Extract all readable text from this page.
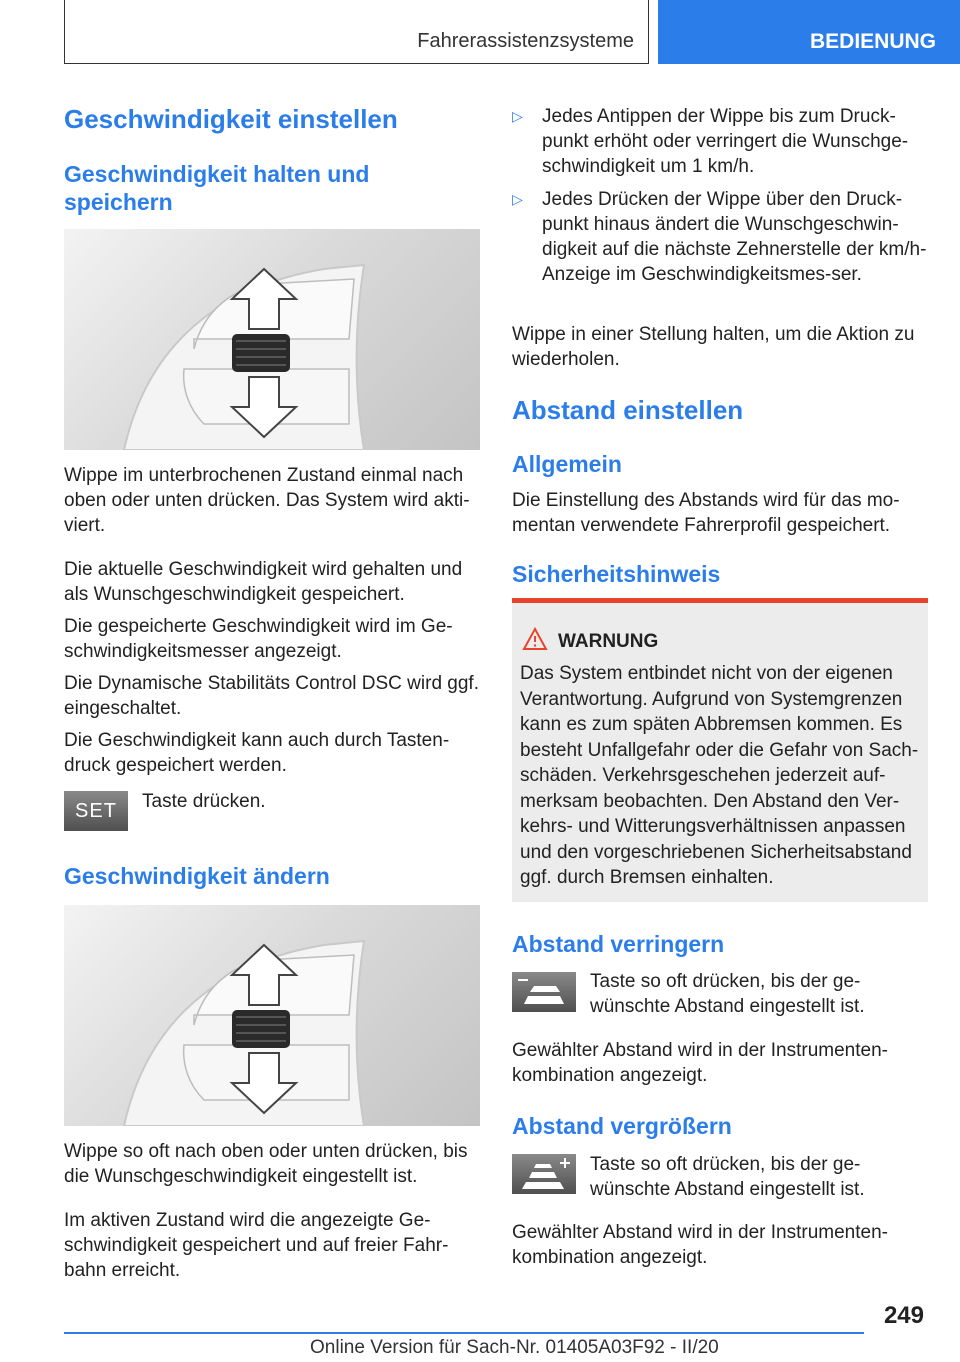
Fahrerassistenzsysteme	BEDIENUNG
Geschwindigkeit einstellen
Geschwindigkeit halten und speichern
Wippe im unterbrochenen Zustand einmal nach oben oder unten drücken. Das System wird akti-viert.
Die aktuelle Geschwindigkeit wird gehalten und als Wunschgeschwindigkeit gespeichert.
Die gespeicherte Geschwindigkeit wird im Ge-schwindigkeitsmesser angezeigt.
Die Dynamische Stabilitäts Control DSC wird ggf. eingeschaltet.
Die Geschwindigkeit kann auch durch Tasten-druck gespeichert werden.
SET Taste drücken.
Geschwindigkeit ändern
Wippe so oft nach oben oder unten drücken, bis die Wunschgeschwindigkeit eingestellt ist.
Im aktiven Zustand wird die angezeigte Ge-schwindigkeit gespeichert und auf freier Fahr-bahn erreicht.
▷ Jedes Antippen der Wippe bis zum Druck-punkt erhöht oder verringert die Wunschge-schwindigkeit um 1 km/h.
▷ Jedes Drücken der Wippe über den Druck-punkt hinaus ändert die Wunschgeschwin-digkeit auf die nächste Zehnerstelle der km/h-Anzeige im Geschwindigkeitsmes-ser.
Wippe in einer Stellung halten, um die Aktion zu wiederholen.
Abstand einstellen
Allgemein
Die Einstellung des Abstands wird für das mo-mentan verwendete Fahrerprofil gespeichert.
Sicherheitshinweis
WARNUNG
Das System entbindet nicht von der eigenen Verantwortung. Aufgrund von Systemgrenzen kann es zum späten Abbremsen kommen. Es besteht Unfallgefahr oder die Gefahr von Sach-schäden. Verkehrsgeschehen jederzeit auf-merksam beobachten. Den Abstand den Ver-kehrs- und Witterungsverhältnissen anpassen und den vorgeschriebenen Sicherheitsabstand ggf. durch Bremsen einhalten.
Abstand verringern
Taste so oft drücken, bis der ge-wünschte Abstand eingestellt ist.
Gewählter Abstand wird in der Instrumenten-kombination angezeigt.
Abstand vergrößern
Taste so oft drücken, bis der ge-wünschte Abstand eingestellt ist.
Gewählter Abstand wird in der Instrumenten-kombination angezeigt.
249
Online Version für Sach-Nr. 01405A03F92 - II/20
